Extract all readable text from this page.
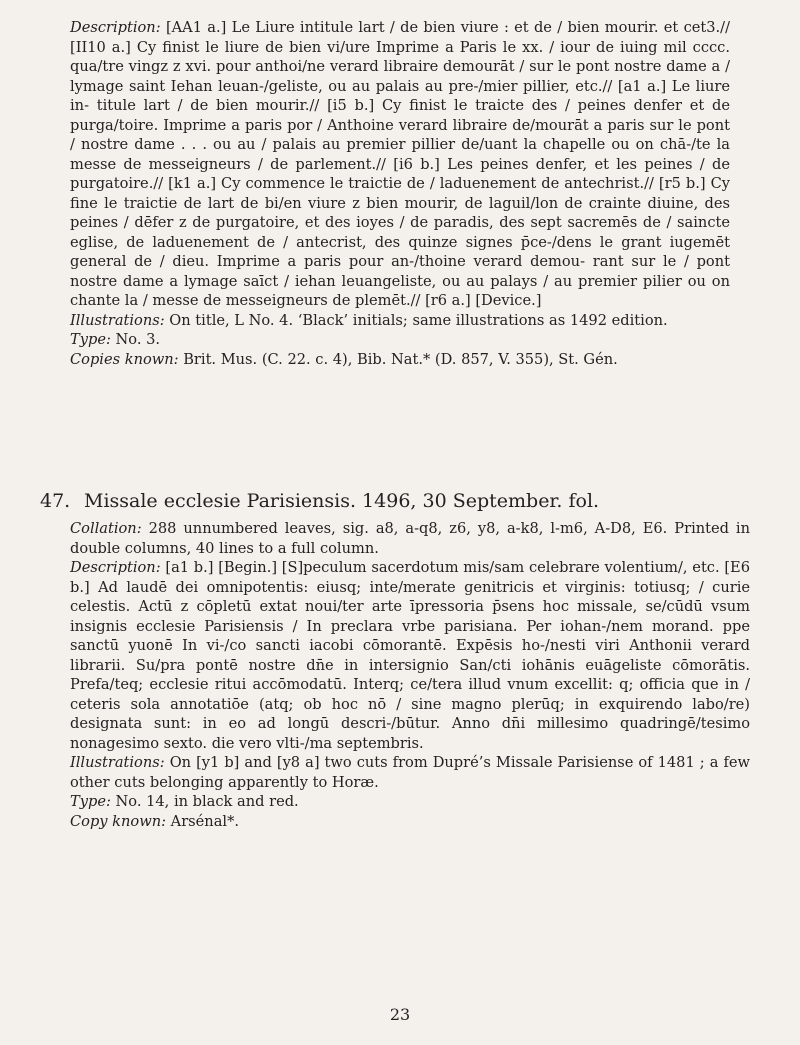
Description: [AA1 a.] Le Liure intitule lart / de bien viure : et de / bien mourir. et cet3.// [II10 a.] Cy finist le liure de bien vi/ure Imprime a Paris le xx. / iour de iuing mil cccc. qua/tre vingz z xvi. pour anthoi/ne verard libraire demourāt / sur le pont nostre dame a / lymage saint Iehan leuan-/geliste, ou au palais au pre-/mier pillier, etc.// [a1 a.] Le liure in- titule lart / de bien mourir.// [i5 b.] Cy finist le traicte des / peines denfer et de purga/toire. Imprime a paris por / Anthoine verard libraire de/mourāt a paris sur le pont / nostre dame . . . ou au / palais au premier pillier de/uant la chapelle ou on chā-/te la messe de messeigneurs / de parlement.// [i6 b.] Les peines denfer, et les peines / de purgatoire.// [k1 a.] Cy commence le traictie de / laduenement de antechrist.// [r5 b.] Cy fine le traictie de lart de bi/en viure z bien mourir, de laguil/lon de crainte diuine, des peines / dēfer z de purgatoire, et des ioyes / de paradis, des sept sacremēs de / saincte eglise, de laduenement de / antecrist, des quinze signes p̄ce-/dens le grant iugemēt general de / dieu. Imprime a paris pour an-/thoine verard demou- rant sur le / pont nostre dame a lymage saīct / iehan leuangeliste, ou au palays / au premier pilier ou on chante la / messe de messeigneurs de plemēt.// [r6 a.] [Device.]

Illustrations: On title, L No. 4. ‘Black’ initials; same illustrations as 1492 edition.

Type: No. 3.

Copies known: Brit. Mus. (C. 22. c. 4), Bib. Nat.* (D. 857, V. 355), St. Gén.

47. Missale ecclesie Parisiensis. 1496, 30 September. fol.

Collation: 288 unnumbered leaves, sig. a8, a-q8, z6, y8, a-k8, l-m6, A-D8, E6. Printed in double columns, 40 lines to a full column.

Description: [a1 b.] [Begin.] [S]peculum sacerdotum mis/sam celebrare volentium/, etc. [E6 b.] Ad laudē dei omnipotentis: eiusq; inte/merate genitricis et virginis: totiusq; / curie celestis. Actū z cōpletū extat noui/ter arte īpressoria p̄sens hoc missale, se/cūdū vsum insignis ecclesie Parisiensis / In preclara vrbe parisiana. Per iohan-/nem morand. ppe sanctū yuonē In vi-/co sancti iacobi cōmorantē. Expēsis ho-/nesti viri Anthonii verard librarii. Su/pra pontē nostre dn̄e in intersignio San/cti iohānis euāgeliste cōmorātis. Prefa/teq; ecclesie ritui accōmodatū. Interq; ce/tera illud vnum excellit: q; officia que in / ceteris sola annotatiōe (atq; ob hoc nō / sine magno plerūq; in exquirendo labo/re) designata sunt: in eo ad longū descri-/būtur. Anno dn̄i millesimo quadringē/tesimo nonagesimo sexto. die vero vlti-/ma septembris.

Illustrations: On [y1 b] and [y8 a] two cuts from Dupré’s Missale Parisiense of 1481 ; a few other cuts belonging apparently to Horæ.

Type: No. 14, in black and red.

Copy known: Arsénal*.

23
